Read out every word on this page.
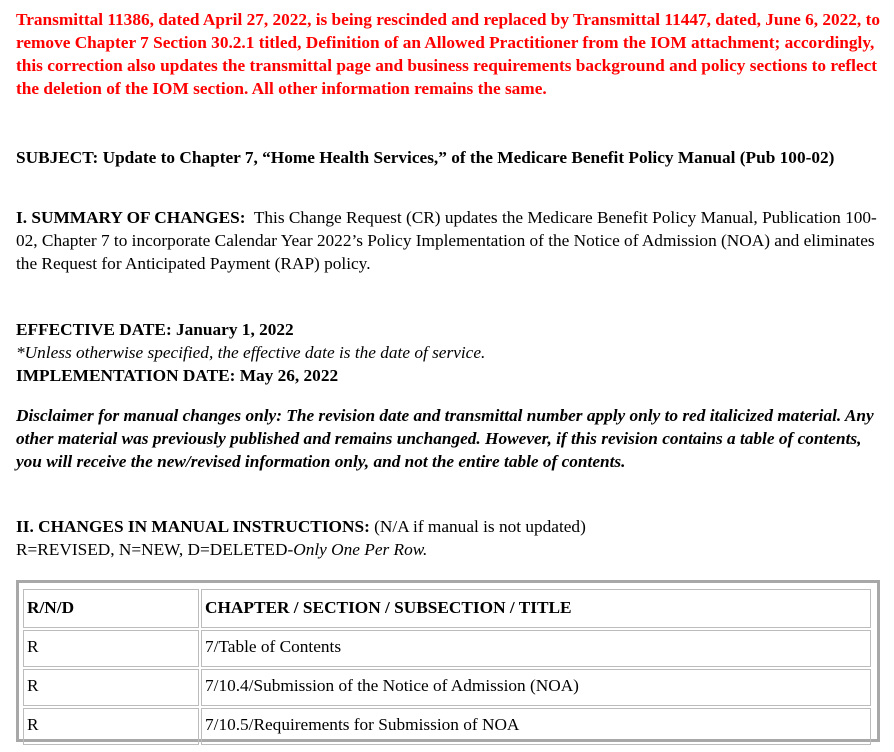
Transmittal 11386, dated April 27, 2022, is being rescinded and replaced by Transmittal 11447, dated, June 6, 2022, to remove Chapter 7 Section 30.2.1 titled, Definition of an Allowed Practitioner from the IOM attachment; accordingly, this correction also updates the transmittal page and business requirements background and policy sections to reflect the deletion of the IOM section. All other information remains the same.
SUBJECT: Update to Chapter 7, “Home Health Services,” of the Medicare Benefit Policy Manual (Pub 100-02)
I. SUMMARY OF CHANGES: This Change Request (CR) updates the Medicare Benefit Policy Manual, Publication 100-02, Chapter 7 to incorporate Calendar Year 2022’s Policy Implementation of the Notice of Admission (NOA) and eliminates the Request for Anticipated Payment (RAP) policy.
EFFECTIVE DATE: January 1, 2022
*Unless otherwise specified, the effective date is the date of service.
IMPLEMENTATION DATE: May 26, 2022
Disclaimer for manual changes only: The revision date and transmittal number apply only to red italicized material. Any other material was previously published and remains unchanged. However, if this revision contains a table of contents, you will receive the new/revised information only, and not the entire table of contents.
II. CHANGES IN MANUAL INSTRUCTIONS: (N/A if manual is not updated)
R=REVISED, N=NEW, D=DELETED-Only One Per Row.
R/N/D	CHAPTER / SECTION / SUBSECTION / TITLE
R	7/Table of Contents
R	7/10.4/Submission of the Notice of Admission (NOA)
R	7/10.5/Requirements for Submission of NOA
